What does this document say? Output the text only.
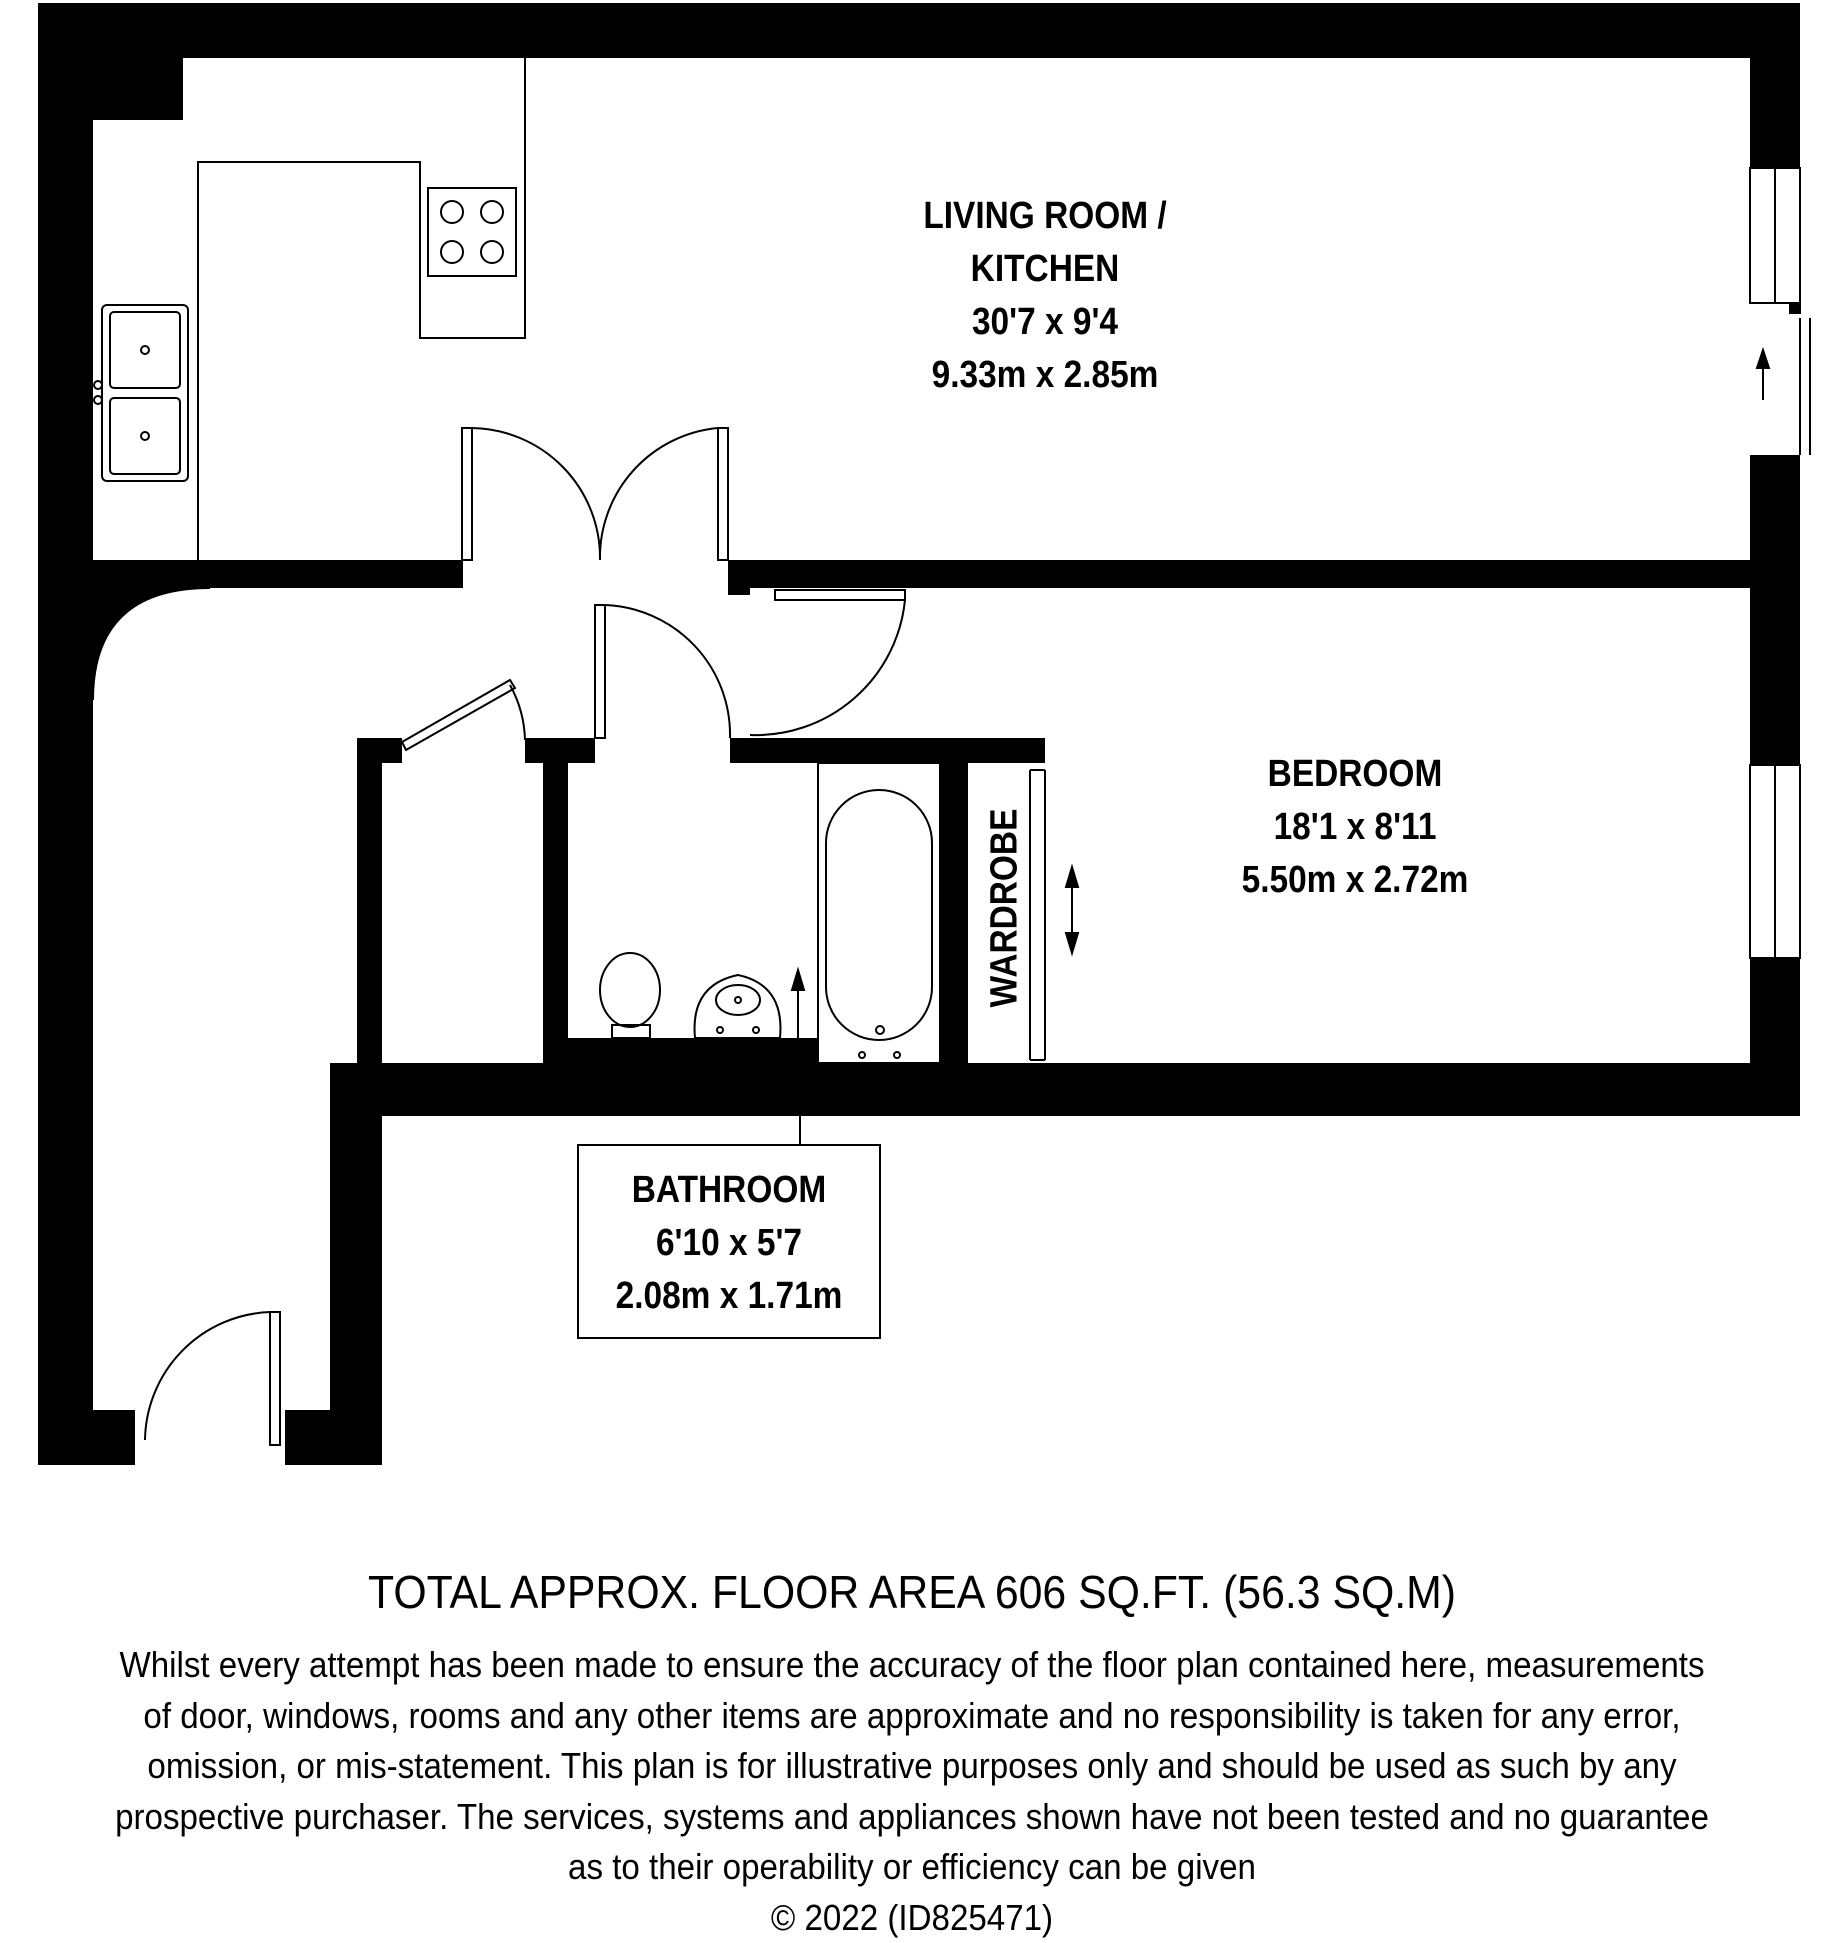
LIVING ROOM /
KITCHEN
30'7 x 9'4
9.33m x 2.85m
BEDROOM
18'1 x 8'11
5.50m x 2.72m
BATHROOM
6'10 x 5'7
2.08m x 1.71m
WARDROBE
TOTAL APPROX. FLOOR AREA 606 SQ.FT. (56.3 SQ.M)
Whilst every attempt has been made to ensure the accuracy of the floor plan contained here, measurements
of door, windows, rooms and any other items are approximate and no responsibility is taken for any error,
omission, or mis-statement. This plan is for illustrative purposes only and should be used as such by any
prospective purchaser. The services, systems and appliances shown have not been tested and no guarantee
as to their operability or efficiency can be given
© 2022 (ID825471)
